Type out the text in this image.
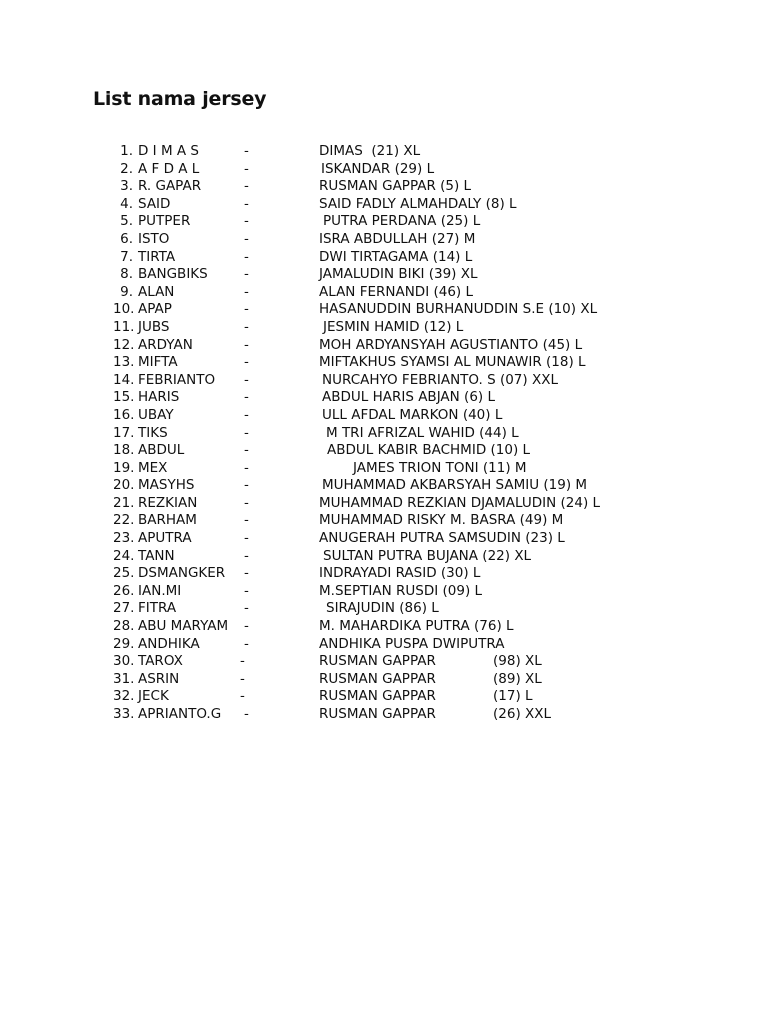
List nama jersey
1. D I M A S	-	DIMAS  (21) XL
2. A F D A L	-	ISKANDAR (29) L
3. R. GAPAR	-	RUSMAN GAPPAR (5) L
4. SAID	-	SAID FADLY ALMAHDALY (8) L
5. PUTPER	-	PUTRA PERDANA (25) L
6. ISTO	-	ISRA ABDULLAH (27) M
7. TIRTA	-	DWI TIRTAGAMA (14) L
8. BANGBIKS	-	JAMALUDIN BIKI (39) XL
9. ALAN	-	ALAN FERNANDI (46) L
10. APAP	-	HASANUDDIN BURHANUDDIN S.E (10) XL
11. JUBS	-	JESMIN HAMID (12) L
12. ARDYAN	-	MOH ARDYANSYAH AGUSTIANTO (45) L
13. MIFTA	-	MIFTAKHUS SYAMSI AL MUNAWIR (18) L
14. FEBRIANTO -	NURCAHYO FEBRIANTO. S (07) XXL
15. HARIS	-	ABDUL HARIS ABJAN (6) L
16. UBAY	-	ULL AFDAL MARKON (40) L
17. TIKS	-	M TRI AFRIZAL WAHID (44) L
18. ABDUL	-	ABDUL KABIR BACHMID (10) L
19. MEX	-	JAMES TRION TONI (11) M
20. MASYHS	-	MUHAMMAD AKBARSYAH SAMIU (19) M
21. REZKIAN	-	MUHAMMAD REZKIAN DJAMALUDIN (24) L
22. BARHAM	-	MUHAMMAD RISKY M. BASRA (49) M
23. APUTRA	-	ANUGERAH PUTRA SAMSUDIN (23) L
24. TANN	-	SULTAN PUTRA BUJANA (22) XL
25. DSMANGKER -	INDRAYADI RASID (30) L
26. IAN.MI	-	M.SEPTIAN RUSDI (09) L
27. FITRA	-	SIRAJUDIN (86) L
28. ABU MARYAM -	M. MAHARDIKA PUTRA (76) L
29. ANDHIKA	-	ANDHIKA PUSPA DWIPUTRA
30. TAROX	-	RUSMAN GAPPAR	(98) XL
31. ASRIN	-	RUSMAN GAPPAR	(89) XL
32. JECK	-	RUSMAN GAPPAR	(17) L
33. APRIANTO.G -	RUSMAN GAPPAR	(26) XXL
